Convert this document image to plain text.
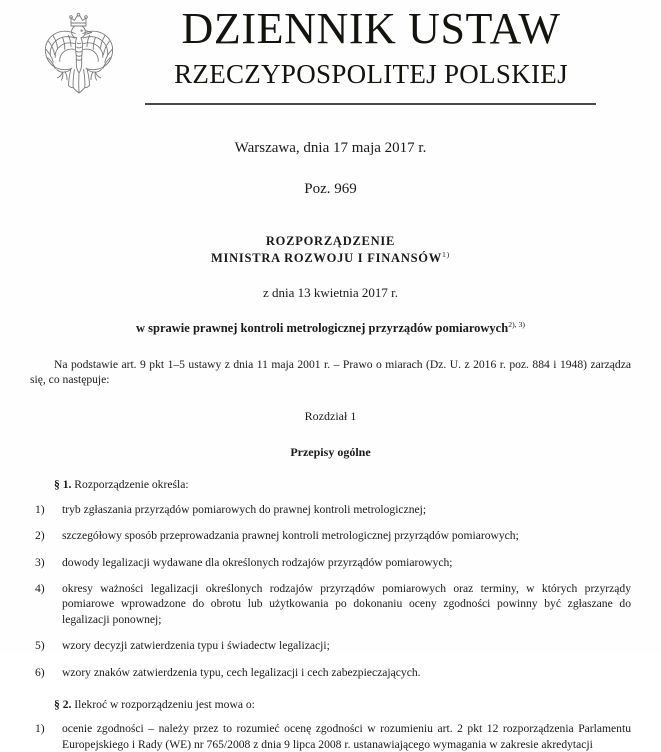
DZIENNIK USTAW
RZECZYPOSPOLITEJ POLSKIEJ
Warszawa, dnia 17 maja 2017 r.
Poz. 969
ROZPORZĄDZENIE
MINISTRA ROZWOJU I FINANSÓW$^{1)}$
z dnia 13 kwietnia 2017 r.
w sprawie prawnej kontroli metrologicznej przyrządów pomiarowych$^{2), 3)}$
Na podstawie art. 9 pkt 1–5 ustawy z dnia 11 maja 2001 r. – Prawo o miarach (Dz. U. z 2016 r. poz. 884 i 1948) zarządza się, co następuje:
Rozdział 1
Przepisy ogólne
§ 1. Rozporządzenie określa:
1)	tryb zgłaszania przyrządów pomiarowych do prawnej kontroli metrologicznej;
2)	szczegółowy sposób przeprowadzania prawnej kontroli metrologicznej przyrządów pomiarowych;
3)	dowody legalizacji wydawane dla określonych rodzajów przyrządów pomiarowych;
4)	okresy ważności legalizacji określonych rodzajów przyrządów pomiarowych oraz terminy, w których przyrządy pomiarowe wprowadzone do obrotu lub użytkowania po dokonaniu oceny zgodności powinny być zgłaszane do legalizacji ponownej;
5)	wzory decyzji zatwierdzenia typu i świadectw legalizacji;
6)	wzory znaków zatwierdzenia typu, cech legalizacji i cech zabezpieczających.
§ 2. Ilekroć w rozporządzeniu jest mowa o:
1)	ocenie zgodności – należy przez to rozumieć ocenę zgodności w rozumieniu art. 2 pkt 12 rozporządzenia Parlamentu Europejskiego i Rady (WE) nr 765/2008 z dnia 9 lipca 2008 r. ustanawiającego wymagania w zakresie akredytacji
